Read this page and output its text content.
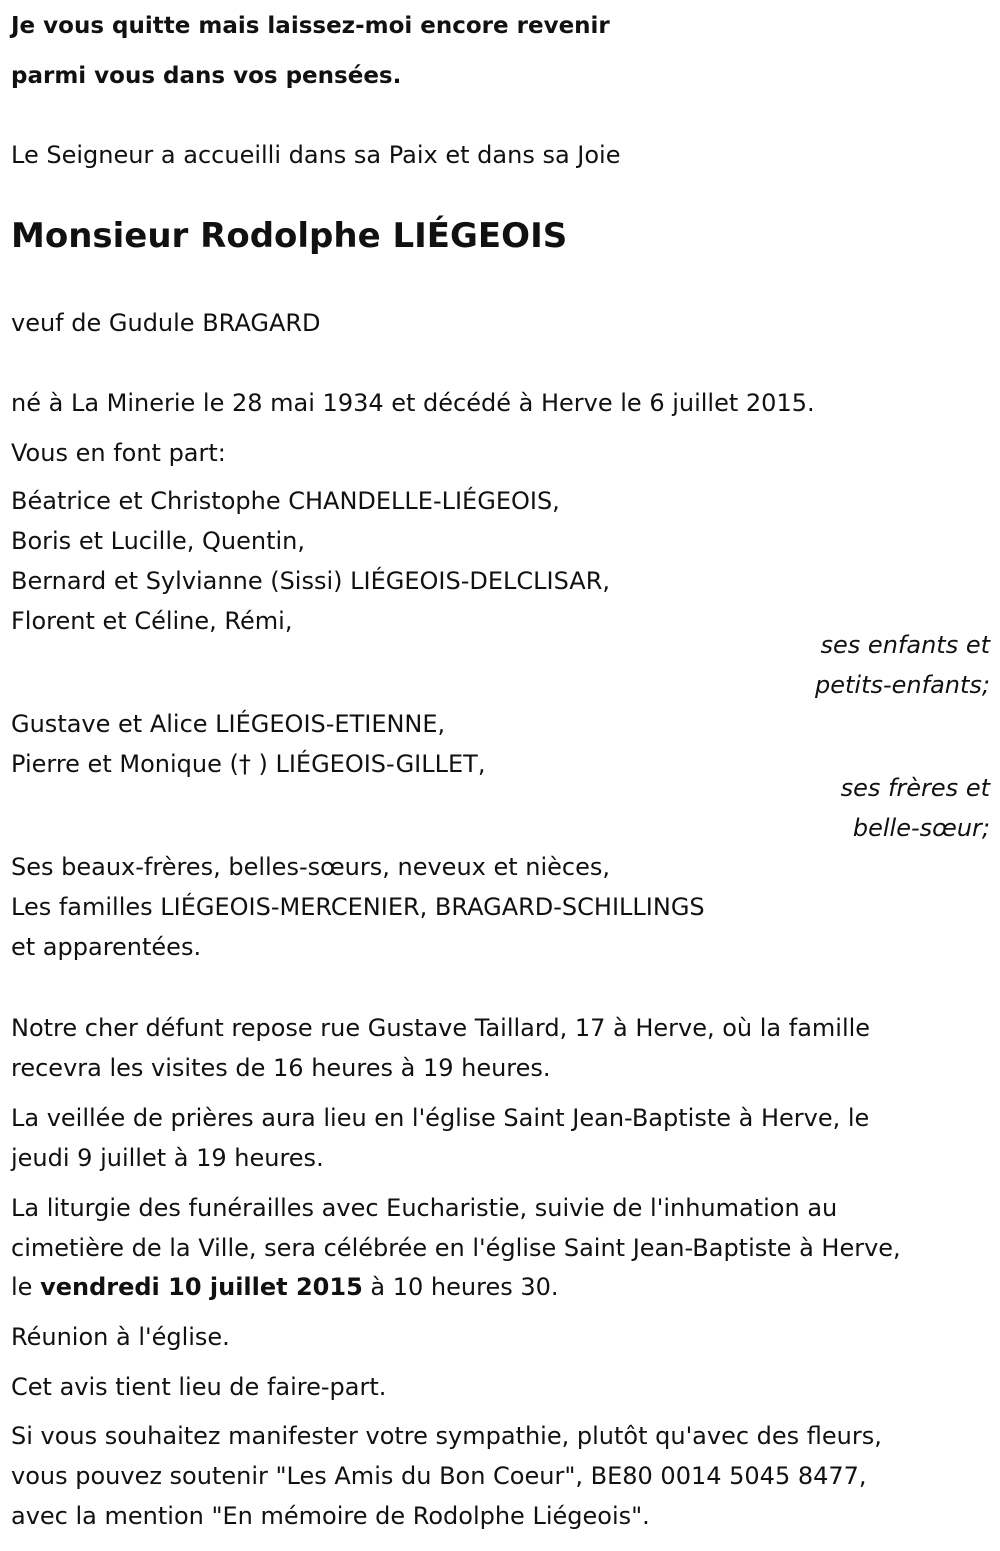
Je vous quitte mais laissez-moi encore revenir
parmi vous dans vos pensées.
Le Seigneur a accueilli dans sa Paix et dans sa Joie
Monsieur Rodolphe LIÉGEOIS
veuf de Gudule BRAGARD
né à La Minerie le 28 mai 1934 et décédé à Herve le 6 juillet 2015.
Vous en font part:
Béatrice et Christophe CHANDELLE-LIÉGEOIS,
Boris et Lucille, Quentin,
Bernard et Sylvianne (Sissi) LIÉGEOIS-DELCLISAR,
Florent et Céline, Rémi,
ses enfants et
petits-enfants;
Gustave et Alice LIÉGEOIS-ETIENNE,
Pierre et Monique († ) LIÉGEOIS-GILLET,
ses frères et
belle-sœur;
Ses beaux-frères, belles-sœurs, neveux et nièces,
Les familles LIÉGEOIS-MERCENIER, BRAGARD-SCHILLINGS
et apparentées.
Notre cher défunt repose rue Gustave Taillard, 17 à Herve, où la famille
recevra les visites de 16 heures à 19 heures.
La veillée de prières aura lieu en l'église Saint Jean-Baptiste à Herve, le
jeudi 9 juillet à 19 heures.
La liturgie des funérailles avec Eucharistie, suivie de l'inhumation au
cimetière de la Ville, sera célébrée en l'église Saint Jean-Baptiste à Herve,
le vendredi 10 juillet 2015 à 10 heures 30.
Réunion à l'église.
Cet avis tient lieu de faire-part.
Si vous souhaitez manifester votre sympathie, plutôt qu'avec des fleurs,
vous pouvez soutenir "Les Amis du Bon Coeur", BE80 0014 5045 8477,
avec la mention "En mémoire de Rodolphe Liégeois".
